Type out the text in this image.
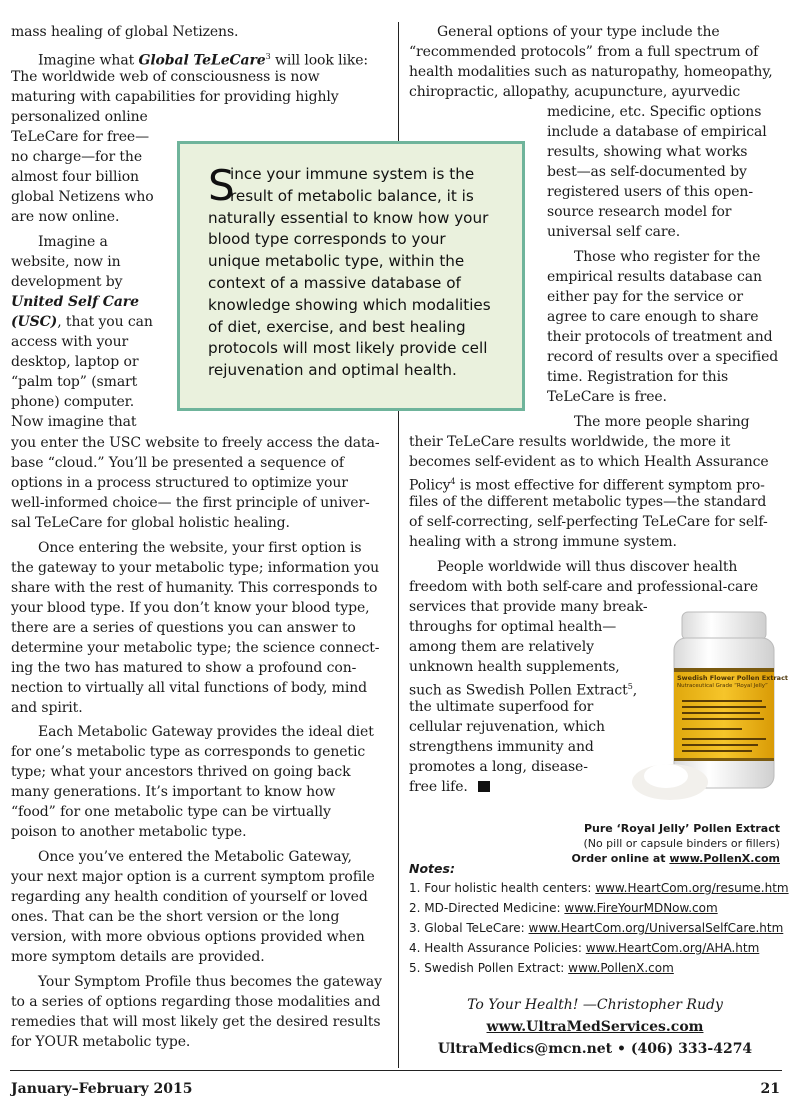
mass healing of global Netizens.
Imagine what Global TeLeCare$^3$ will look like:
The worldwide web of consciousness is now
maturing with capabilities for providing highly
personalized online
TeLeCare for free—
no charge—for the
almost four billion
global Netizens who
are now online.
Imagine a
website, now in
development by
United Self Care
(USC), that you can
access with your
desktop, laptop or
“palm top” (smart
phone) computer.
Now imagine that
you enter the USC website to freely access the data-
base “cloud.” You’ll be presented a sequence of
options in a process structured to optimize your
well-informed choice— the first principle of univer-
sal TeLeCare for global holistic healing.
Once entering the website, your first option is
the gateway to your metabolic type; information you
share with the rest of humanity. This corresponds to
your blood type. If you don’t know your blood type,
there are a series of questions you can answer to
determine your metabolic type; the science connect-
ing the two has matured to show a profound con-
nection to virtually all vital functions of body, mind
and spirit.
Each Metabolic Gateway provides the ideal diet
for one’s metabolic type as corresponds to genetic
type; what your ancestors thrived on going back
many generations. It’s important to know how
“food” for one metabolic type can be virtually
poison to another metabolic type.
Once you’ve entered the Metabolic Gateway,
your next major option is a current symptom profile
regarding any health condition of yourself or loved
ones. That can be the short version or the long
version, with more obvious options provided when
more symptom details are provided.
Your Symptom Profile thus becomes the gateway
to a series of options regarding those modalities and
remedies that will most likely get the desired results
for YOUR metabolic type.
S
ince your immune system is the
result of metabolic balance, it is
naturally essential to know how your
blood type corresponds to your
unique metabolic type, within the
context of a massive database of
knowledge showing which modalities
of diet, exercise, and best healing
protocols will most likely provide cell
rejuvenation and optimal health.
General options of your type include the
“recommended protocols” from a full spectrum of
health modalities such as naturopathy, homeopathy,
chiropractic, allopathy, acupuncture, ayurvedic
medicine, etc. Specific options
include a database of empirical
results, showing what works
best—as self-documented by
registered users of this open-
source research model for
universal self care.
Those who register for the
empirical results database can
either pay for the service or
agree to care enough to share
their protocols of treatment and
record of results over a specified
time. Registration for this
TeLeCare is free.
The more people sharing
their TeLeCare results worldwide, the more it
becomes self-evident as to which Health Assurance
Policy$^4$ is most effective for different symptom pro-
files of the different metabolic types—the standard
of self-correcting, self-perfecting TeLeCare for self-
healing with a strong immune system.
People worldwide will thus discover health
freedom with both self-care and professional-care
services that provide many break-
throughs for optimal health—
among them are relatively
unknown health supplements,
such as Swedish Pollen Extract$^5$,
the ultimate superfood for
cellular rejuvenation, which
strengthens immunity and
promotes a long, disease-
free life.
Swedish Flower Pollen Extract
Nutraceutical Grade “Royal Jelly”
Pure ‘Royal Jelly’ Pollen Extract
(No pill or capsule binders or fillers)
Order online at www.PollenX.com
Notes:
1. Four holistic health centers: www.HeartCom.org/resume.htm
2. MD-Directed Medicine: www.FireYourMDNow.com
3. Global TeLeCare: www.HeartCom.org/UniversalSelfCare.htm
4. Health Assurance Policies: www.HeartCom.org/AHA.htm
5. Swedish Pollen Extract: www.PollenX.com
To Your Health! —Christopher Rudy
www.UltraMedServices.com
UltraMedics@mcn.net • (406) 333-4274
January–February 2015	21
